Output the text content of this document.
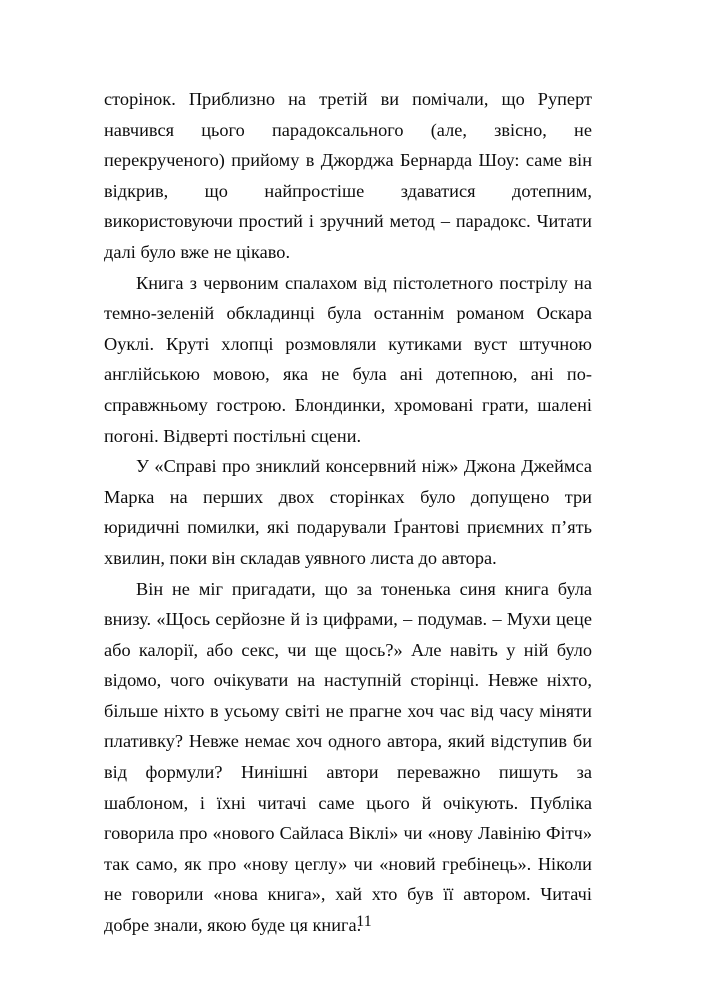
сторінок. Приблизно на третій ви помічали, що Руперт навчився цього парадоксального (але, звісно, не перекрученого) прийому в Джорджа Бернарда Шоу: саме він відкрив, що найпростіше здаватися дотепним, використовуючи простий і зручний метод – парадокс. Читати далі було вже не цікаво.

Книга з червоним спалахом від пістолетного пострілу на темно-зеленій обкладинці була останнім романом Оскара Оуклі. Круті хлопці розмовляли кутиками вуст штучною англійською мовою, яка не була ані дотепною, ані по-справжньому гострою. Блондинки, хромовані грати, шалені погоні. Відверті постільні сцени.

У «Справі про зниклий консервний ніж» Джона Джеймса Марка на перших двох сторінках було допущено три юридичні помилки, які подарували Ґрантові приємних п’ять хвилин, поки він складав уявного листа до автора.

Він не міг пригадати, що за тоненька синя книга була внизу. «Щось серйозне й із цифрами, – подумав. – Мухи цеце або калорії, або секс, чи ще щось?» Але навіть у ній було відомо, чого очікувати на наступній сторінці. Невже ніхто, більше ніхто в усьому світі не прагне хоч час від часу міняти плативку? Невже немає хоч одного автора, який відступив би від формули? Нинішні автори переважно пишуть за шаблоном, і їхні читачі саме цього й очікують. Публіка говорила про «нового Сайласа Віклі» чи «нову Лавінію Фітч» так само, як про «нову цеглу» чи «новий гребінець». Ніколи не говорили «нова книга», хай хто був її автором. Читачі добре знали, якою буде ця книга.

11
